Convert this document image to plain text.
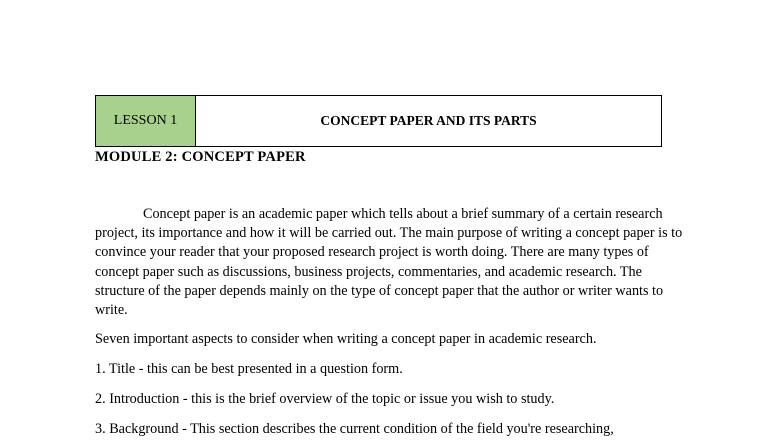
LESSON 1	CONCEPT PAPER AND ITS PARTS
MODULE 2: CONCEPT PAPER

Concept paper is an academic paper which tells about a brief summary of a certain research project, its importance and how it will be carried out. The main purpose of writing a concept paper is to convince your reader that your proposed research project is worth doing. There are many types of concept paper such as discussions, business projects, commentaries, and academic research. The structure of the paper depends mainly on the type of concept paper that the author or writer wants to write.

Seven important aspects to consider when writing a concept paper in academic research.

1. Title - this can be best presented in a question form.

2. Introduction - this is the brief overview of the topic or issue you wish to study.

3. Background - This section describes the current condition of the field you're researching,
